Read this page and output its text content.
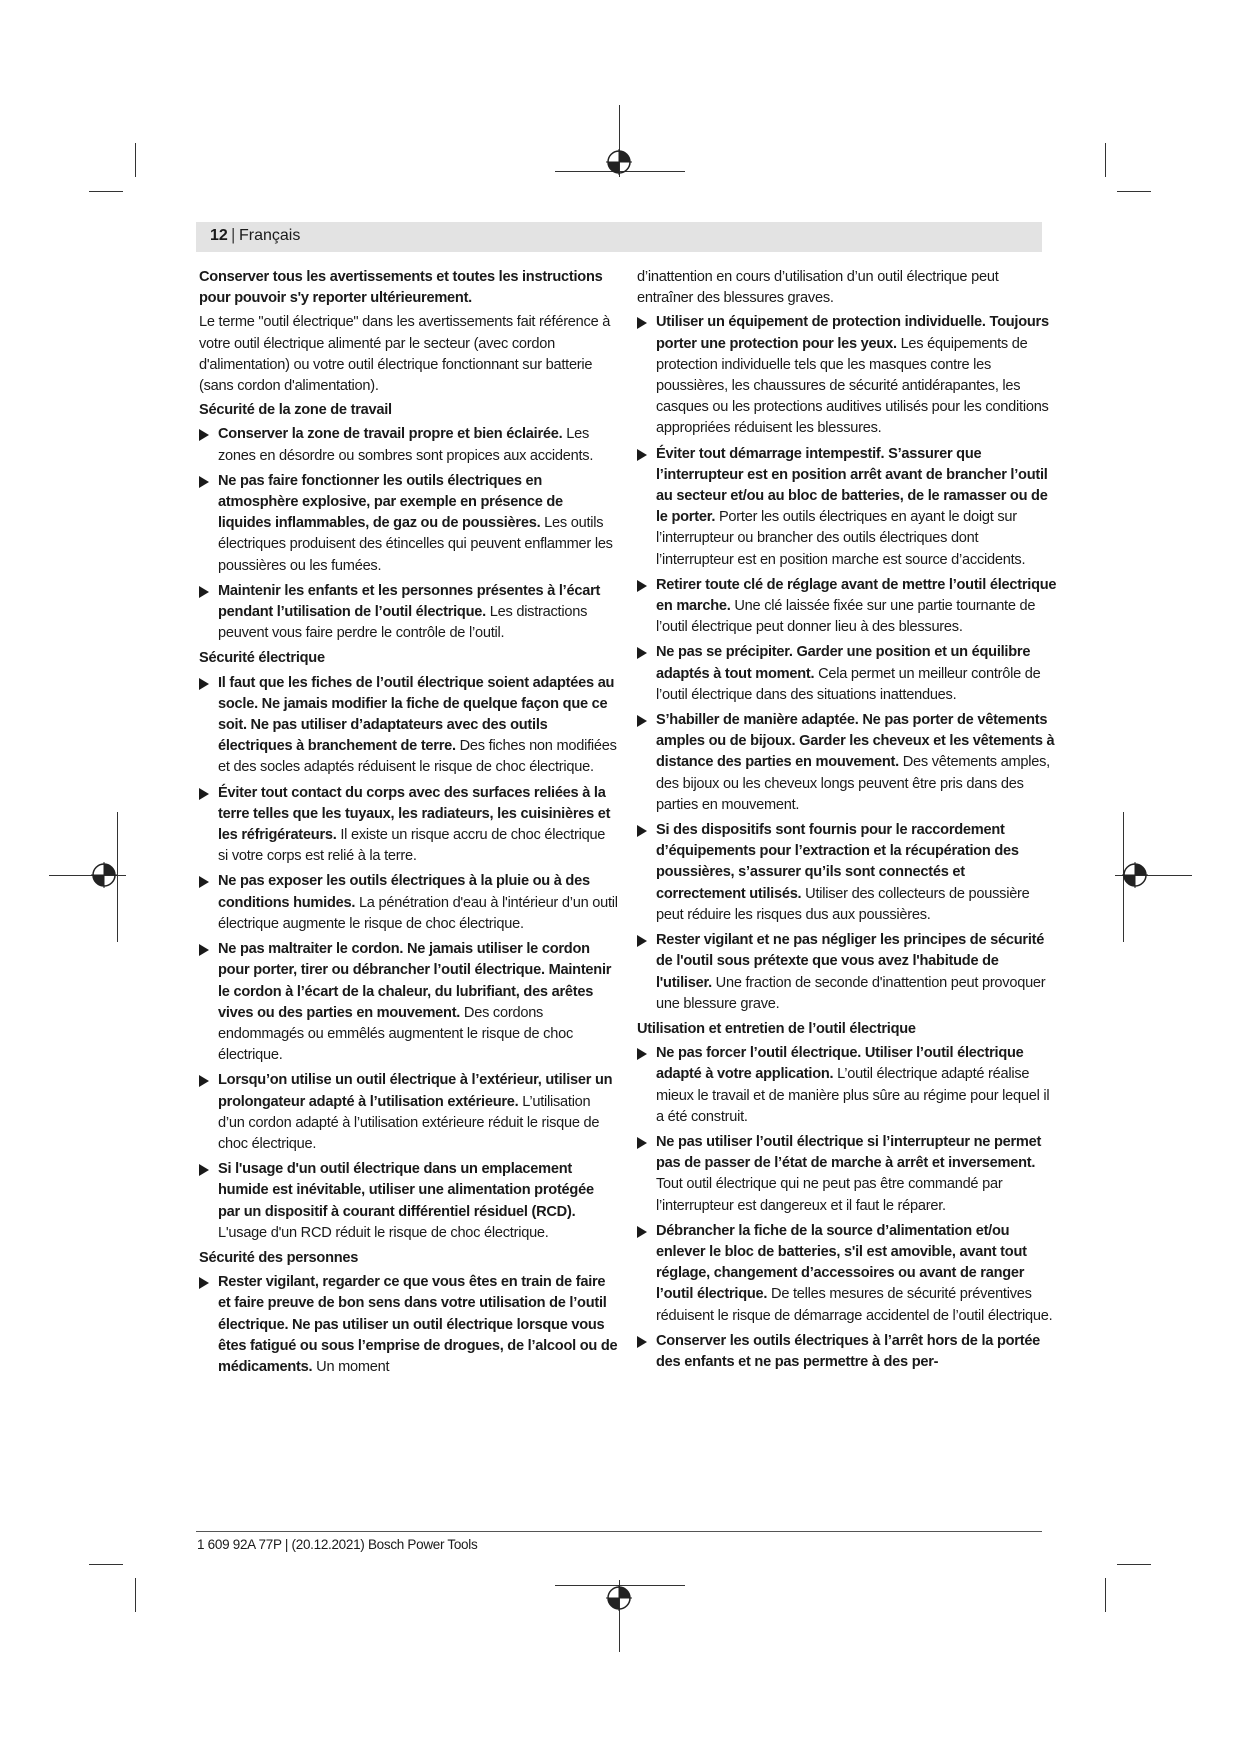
12 | Français

Conserver tous les avertissements et toutes les instructions pour pouvoir s'y reporter ultérieurement.

Le terme "outil électrique" dans les avertissements fait référence à votre outil électrique alimenté par le secteur (avec cordon d'alimentation) ou votre outil électrique fonctionnant sur batterie (sans cordon d'alimentation).

Sécurité de la zone de travail

Conserver la zone de travail propre et bien éclairée. Les zones en désordre ou sombres sont propices aux accidents.
Ne pas faire fonctionner les outils électriques en atmosphère explosive, par exemple en présence de liquides inflammables, de gaz ou de poussières. Les outils électriques produisent des étincelles qui peuvent enflammer les poussières ou les fumées.
Maintenir les enfants et les personnes présentes à l’écart pendant l’utilisation de l’outil électrique. Les distractions peuvent vous faire perdre le contrôle de l’outil.

Sécurité électrique

Il faut que les fiches de l’outil électrique soient adaptées au socle. Ne jamais modifier la fiche de quelque façon que ce soit. Ne pas utiliser d’adaptateurs avec des outils électriques à branchement de terre. Des fiches non modifiées et des socles adaptés réduisent le risque de choc électrique.
Éviter tout contact du corps avec des surfaces reliées à la terre telles que les tuyaux, les radiateurs, les cuisinières et les réfrigérateurs. Il existe un risque accru de choc électrique si votre corps est relié à la terre.
Ne pas exposer les outils électriques à la pluie ou à des conditions humides. La pénétration d'eau à l'intérieur d’un outil électrique augmente le risque de choc électrique.
Ne pas maltraiter le cordon. Ne jamais utiliser le cordon pour porter, tirer ou débrancher l’outil électrique. Maintenir le cordon à l’écart de la chaleur, du lubrifiant, des arêtes vives ou des parties en mouvement. Des cordons endommagés ou emmêlés augmentent le risque de choc électrique.
Lorsqu’on utilise un outil électrique à l’extérieur, utiliser un prolongateur adapté à l’utilisation extérieure. L’utilisation d’un cordon adapté à l’utilisation extérieure réduit le risque de choc électrique.
Si l'usage d'un outil électrique dans un emplacement humide est inévitable, utiliser une alimentation protégée par un dispositif à courant différentiel résiduel (RCD). L'usage d'un RCD réduit le risque de choc électrique.

Sécurité des personnes

Rester vigilant, regarder ce que vous êtes en train de faire et faire preuve de bon sens dans votre utilisation de l’outil électrique. Ne pas utiliser un outil électrique lorsque vous êtes fatigué ou sous l’emprise de drogues, de l’alcool ou de médicaments. Un moment

d’inattention en cours d’utilisation d’un outil électrique peut entraîner des blessures graves.

Utiliser un équipement de protection individuelle. Toujours porter une protection pour les yeux. Les équipements de protection individuelle tels que les masques contre les poussières, les chaussures de sécurité antidérapantes, les casques ou les protections auditives utilisés pour les conditions appropriées réduisent les blessures.
Éviter tout démarrage intempestif. S’assurer que l’interrupteur est en position arrêt avant de brancher l’outil au secteur et/ou au bloc de batteries, de le ramasser ou de le porter. Porter les outils électriques en ayant le doigt sur l’interrupteur ou brancher des outils électriques dont l’interrupteur est en position marche est source d’accidents.
Retirer toute clé de réglage avant de mettre l’outil électrique en marche. Une clé laissée fixée sur une partie tournante de l’outil électrique peut donner lieu à des blessures.
Ne pas se précipiter. Garder une position et un équilibre adaptés à tout moment. Cela permet un meilleur contrôle de l’outil électrique dans des situations inattendues.
S’habiller de manière adaptée. Ne pas porter de vêtements amples ou de bijoux. Garder les cheveux et les vêtements à distance des parties en mouvement. Des vêtements amples, des bijoux ou les cheveux longs peuvent être pris dans des parties en mouvement.
Si des dispositifs sont fournis pour le raccordement d’équipements pour l’extraction et la récupération des poussières, s’assurer qu’ils sont connectés et correctement utilisés. Utiliser des collecteurs de poussière peut réduire les risques dus aux poussières.
Rester vigilant et ne pas négliger les principes de sécurité de l'outil sous prétexte que vous avez l'habitude de l'utiliser. Une fraction de seconde d'inattention peut provoquer une blessure grave.

Utilisation et entretien de l’outil électrique

Ne pas forcer l’outil électrique. Utiliser l’outil électrique adapté à votre application. L’outil électrique adapté réalise mieux le travail et de manière plus sûre au régime pour lequel il a été construit.
Ne pas utiliser l’outil électrique si l’interrupteur ne permet pas de passer de l’état de marche à arrêt et inversement. Tout outil électrique qui ne peut pas être commandé par l’interrupteur est dangereux et il faut le réparer.
Débrancher la fiche de la source d’alimentation et/ou enlever le bloc de batteries, s'il est amovible, avant tout réglage, changement d’accessoires ou avant de ranger l’outil électrique. De telles mesures de sécurité préventives réduisent le risque de démarrage accidentel de l’outil électrique.
Conserver les outils électriques à l’arrêt hors de la portée des enfants et ne pas permettre à des per-
1 609 92A 77P | (20.12.2021) Bosch Power Tools
